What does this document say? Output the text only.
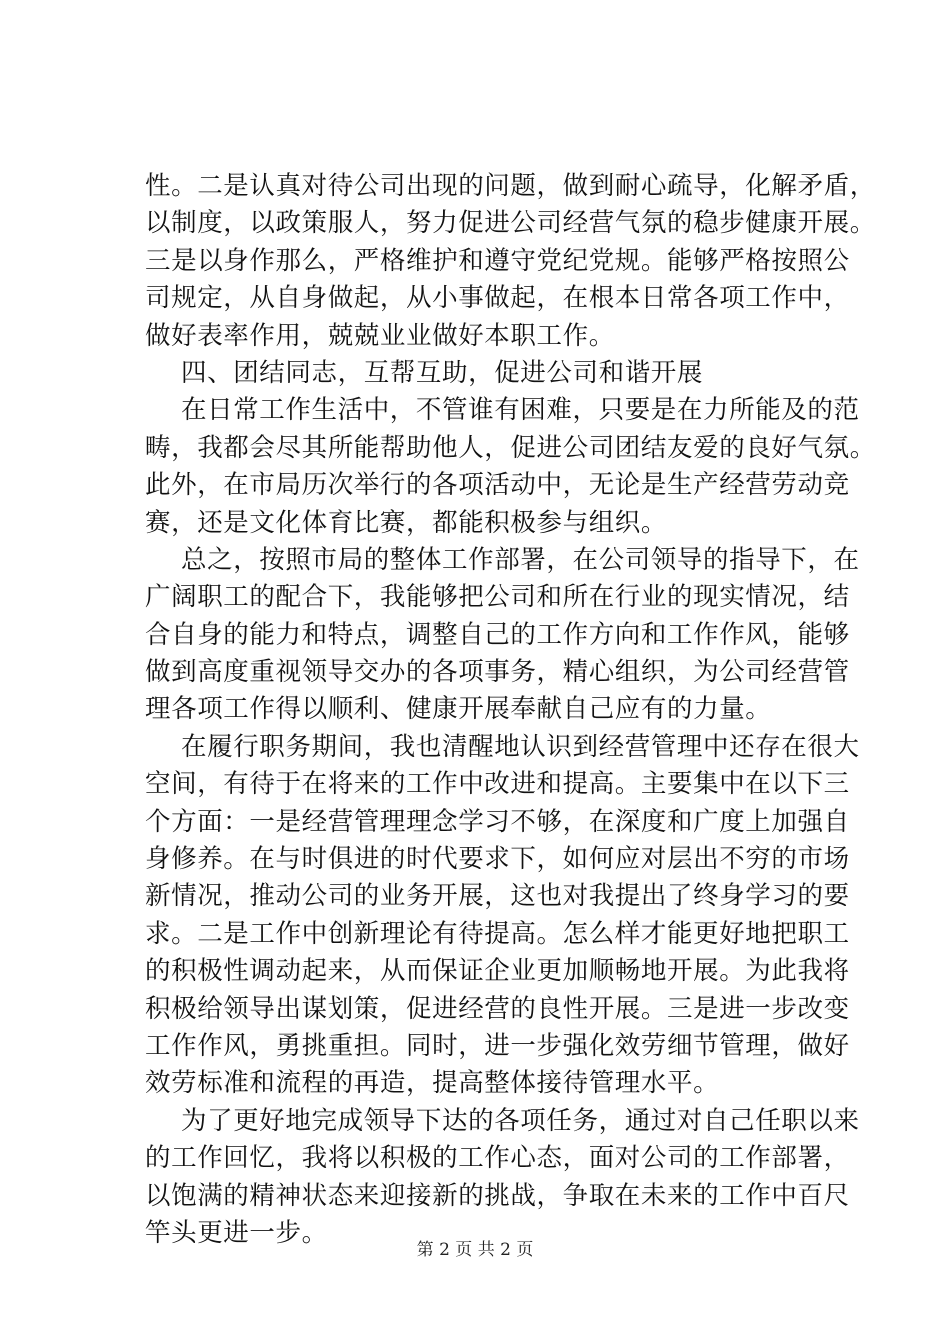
性。二是认真对待公司出现的问题，做到耐心疏导，化解矛盾，
以制度，以政策服人，努力促进公司经营气氛的稳步健康开展。
三是以身作那么，严格维护和遵守党纪党规。能够严格按照公
司规定，从自身做起，从小事做起，在根本日常各项工作中，
做好表率作用，兢兢业业做好本职工作。
四、团结同志，互帮互助，促进公司和谐开展
在日常工作生活中，不管谁有困难，只要是在力所能及的范
畴，我都会尽其所能帮助他人，促进公司团结友爱的良好气氛。
此外，在市局历次举行的各项活动中，无论是生产经营劳动竞
赛，还是文化体育比赛，都能积极参与组织。
总之，按照市局的整体工作部署，在公司领导的指导下，在
广阔职工的配合下，我能够把公司和所在行业的现实情况，结
合自身的能力和特点，调整自己的工作方向和工作作风，能够
做到高度重视领导交办的各项事务，精心组织，为公司经营管
理各项工作得以顺利、健康开展奉献自己应有的力量。
在履行职务期间，我也清醒地认识到经营管理中还存在很大
空间，有待于在将来的工作中改进和提高。主要集中在以下三
个方面：一是经营管理理念学习不够，在深度和广度上加强自
身修养。在与时俱进的时代要求下，如何应对层出不穷的市场
新情况，推动公司的业务开展，这也对我提出了终身学习的要
求。二是工作中创新理论有待提高。怎么样才能更好地把职工
的积极性调动起来，从而保证企业更加顺畅地开展。为此我将
积极给领导出谋划策，促进经营的良性开展。三是进一步改变
工作作风，勇挑重担。同时，进一步强化效劳细节管理，做好
效劳标准和流程的再造，提高整体接待管理水平。
为了更好地完成领导下达的各项任务，通过对自己任职以来
的工作回忆，我将以积极的工作心态，面对公司的工作部署，
以饱满的精神状态来迎接新的挑战，争取在未来的工作中百尺
竿头更进一步。
第 2 页 共 2 页
